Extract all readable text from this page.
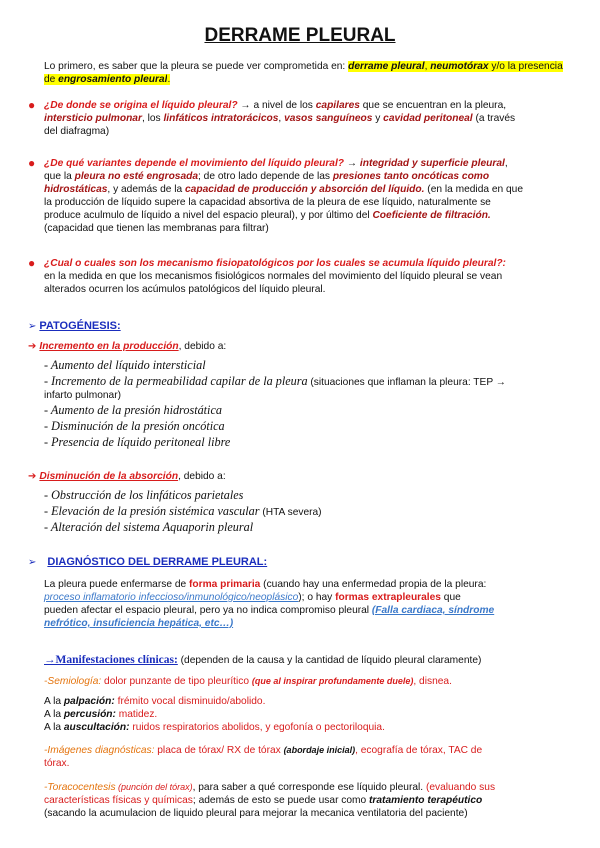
DERRAME PLEURAL
Lo primero, es saber que la pleura se puede ver comprometida en: derrame pleural, neumotórax y/o la presencia de engrosamiento pleural.
● ¿De donde se origina el líquido pleural? → a nivel de los capilares que se encuentran en la pleura,
intersticio pulmonar, los linfáticos intratorácicos, vasos sanguíneos y cavidad peritoneal (a través
del diafragma)
● ¿De qué variantes depende el movimiento del líquido pleural? → integridad y superficie pleural,
que la pleura no esté engrosada; de otro lado depende de las presiones tanto oncóticas como
hidrostáticas, y además de la capacidad de producción y absorción del líquido. (en la medida en que
la producción de líquido supere la capacidad absortiva de la pleura de ese líquido, naturalmente se
produce aculmulo de líquido a nivel del espacio pleural), y por último del Coeficiente de filtración.
(capacidad que tienen las membranas para filtrar)
● ¿Cual o cuales son los mecanismo fisiopatológicos por los cuales se acumula líquido pleural?:
en la medida en que los mecanismos fisiológicos normales del movimiento del líquido pleural se vean
alterados ocurren los acúmulos patológicos del líquido pleural.
➢ PATOGÉNESIS:
➔ Incremento en la producción, debido a:
- Aumento del líquido intersticial
- Incremento de la permeabilidad capilar de la pleura (situaciones que inflaman la pleura: TEP →
infarto pulmonar)
- Aumento de la presión hidrostática
- Disminución de la presión oncótica
- Presencia de líquido peritoneal libre
➔ Disminución de la absorción, debido a:
- Obstrucción de los linfáticos parietales
- Elevación de la presión sistémica vascular (HTA severa)
- Alteración del sistema Aquaporin pleural
➢ DIAGNÓSTICO DEL DERRAME PLEURAL:
La pleura puede enfermarse de forma primaria (cuando hay una enfermedad propia de la pleura:
proceso inflamatorio infeccioso/inmunológico/neoplásico); o hay formas extrapleurales que
pueden afectar el espacio pleural, pero ya no indica compromiso pleural (Falla cardiaca, síndrome
nefrótico, insuficiencia hepática, etc…)
→Manifestaciones clínicas: (dependen de la causa y la cantidad de líquido pleural claramente)
-Semiología: dolor punzante de tipo pleurítico (que al inspirar profundamente duele), disnea.
A la palpación: frémito vocal disminuido/abolido.
A la percusión: matidez.
A la auscultación: ruidos respiratorios abolidos, y egofonía o pectoriloquia.
-Imágenes diagnósticas: placa de tórax/ RX de tórax (abordaje inicial), ecografía de tórax, TAC de
tórax.
-Toracocentesis (punción del tórax), para saber a qué corresponde ese líquido pleural. (evaluando sus
características físicas y químicas; además de esto se puede usar como tratamiento terapéutico
(sacando la acumulacion de liquido pleural para mejorar la mecanica ventilatoria del paciente)
